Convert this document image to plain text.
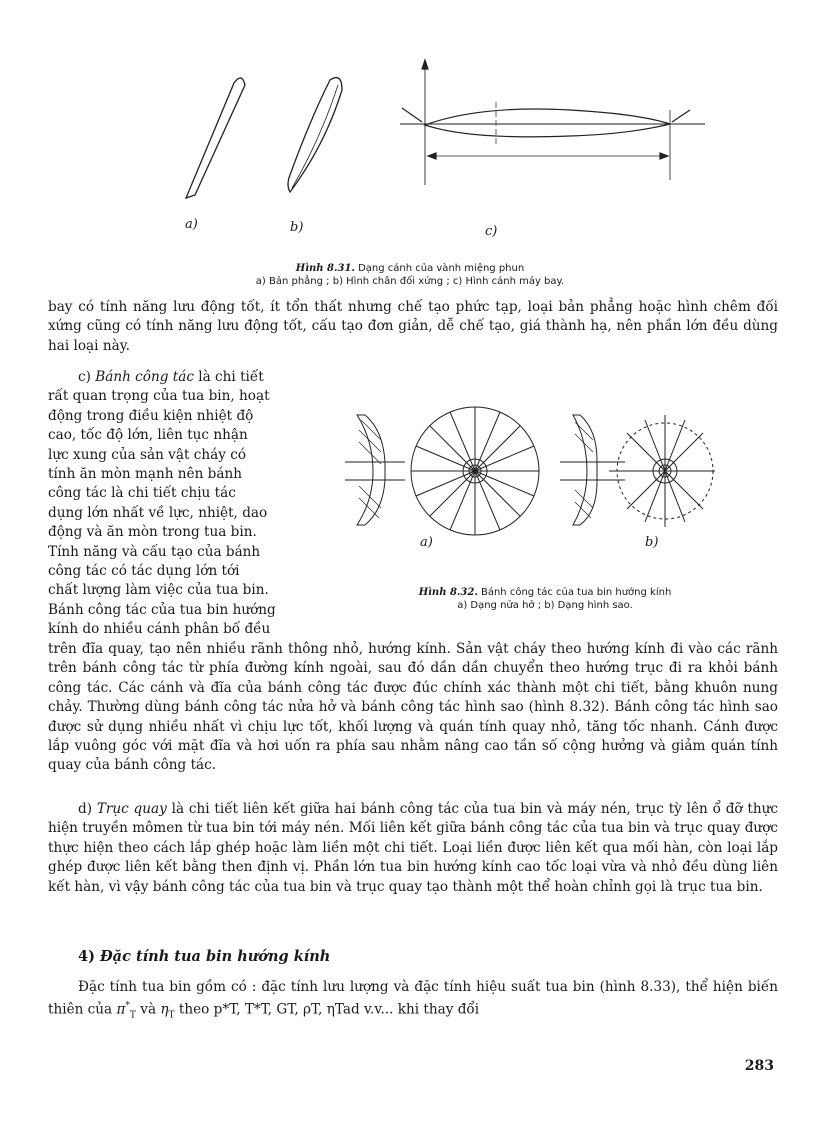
a)	b)	c)
Hình 8.31. Dạng cánh của vành miệng phun
a) Bản phẳng ; b) Hình chân đối xứng ; c) Hình cánh máy bay.

bay có tính năng lưu động tốt, ít tổn thất nhưng chế tạo phức tạp, loại bản phẳng hoặc hình chêm đối xứng cũng có tính năng lưu động tốt, cấu tạo đơn giản, dễ chế tạo, giá thành hạ, nên phần lớn đều dùng hai loại này.

c) Bánh công tác là chi tiết
rất quan trọng của tua bin, hoạt
động trong điều kiện nhiệt độ
cao, tốc độ lớn, liên tục nhận
lực xung của sản vật cháy có
tính ăn mòn mạnh nên bánh
công tác là chi tiết chịu tác
dụng lớn nhất về lực, nhiệt, dao
động và ăn mòn trong tua bin.
Tính năng và cấu tạo của bánh
công tác có tác dụng lớn tới
chất lượng làm việc của tua bin.
Bánh công tác của tua bin hướng
kính do nhiều cánh phân bố đều
a)	b)
Hình 8.32. Bánh công tác của tua bin hướng kính
a) Dạng nửa hở ; b) Dạng hình sao.

trên đĩa quay, tạo nên nhiều rãnh thông nhỏ, hướng kính. Sản vật cháy theo hướng kính đi vào các rãnh trên bánh công tác từ phía đường kính ngoài, sau đó dần dần chuyển theo hướng trục đi ra khỏi bánh công tác. Các cánh và đĩa của bánh công tác được đúc chính xác thành một chi tiết, bằng khuôn nung chảy. Thường dùng bánh công tác nửa hở và bánh công tác hình sao (hình 8.32). Bánh công tác hình sao được sử dụng nhiều nhất vì chịu lực tốt, khối lượng và quán tính quay nhỏ, tăng tốc nhanh. Cánh được lắp vuông góc với mặt đĩa và hơi uốn ra phía sau nhằm nâng cao tần số cộng hưởng và giảm quán tính quay của bánh công tác.

d) Trục quay là chi tiết liên kết giữa hai bánh công tác của tua bin và máy nén, trục tỳ lên ổ đỡ thực hiện truyền mômen từ tua bin tới máy nén. Mối liên kết giữa bánh công tác của tua bin và trục quay được thực hiện theo cách lắp ghép hoặc làm liền một chi tiết. Loại liền được liên kết qua mối hàn, còn loại lắp ghép được liên kết bằng then định vị. Phần lớn tua bin hướng kính cao tốc loại vừa và nhỏ đều dùng liên kết hàn, vì vậy bánh công tác của tua bin và trục quay tạo thành một thể hoàn chỉnh gọi là trục tua bin.

4) Đặc tính tua bin hướng kính

Đặc tính tua bin gồm có : đặc tính lưu lượng và đặc tính hiệu suất tua bin (hình 8.33), thể hiện biến thiên của $\pi^*_T$ và $\eta_T$ theo p*T, T*T, GT, ρT, ηTad v.v... khi thay đổi

283
